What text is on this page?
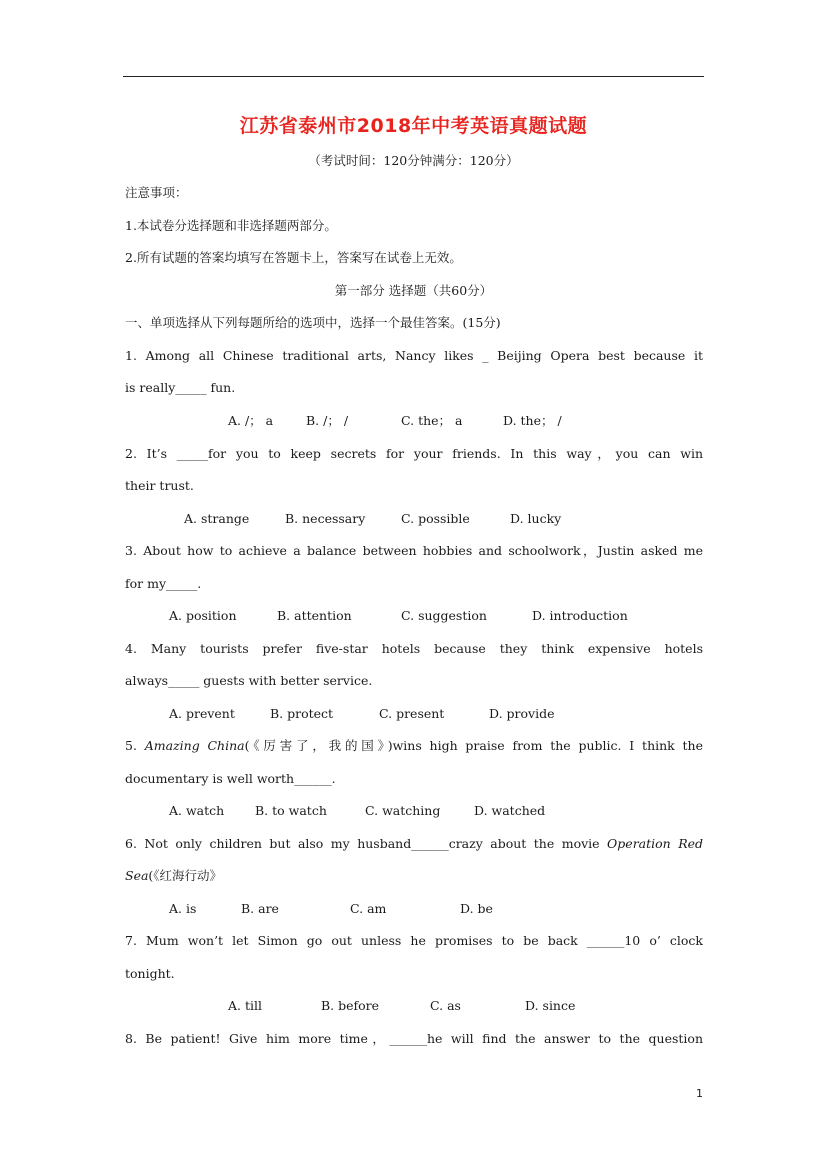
江苏省泰州市2018年中考英语真题试题
（考试时间：120分钟满分：120分）
注意事项：
1.本试卷分选择题和非选择题两部分。
2.所有试题的答案均填写在答题卡上，答案写在试卷上无效。
第一部分 选择题（共60分）
一、单项选择从下列每题所给的选项中，选择一个最佳答案。(15分)
1. Among all Chinese traditional arts, Nancy likes _ Beijing Opera best because it
is really_____ fun.
A. /； a	B. /； /	C. the； a	D. the； /
2. It’s _____for you to keep secrets for your friends. In this way，you can win
their trust.
A. strange	B. necessary	C. possible	D. lucky
3. About how to achieve a balance between hobbies and schoolwork，Justin asked me
for my_____.
A. position	B. attention	C. suggestion	D. introduction
4. Many tourists prefer five-star hotels because they think expensive hotels
always_____ guests with better service.
A. prevent	B. protect	C. present	D. provide
5. Amazing China(《厉害了，我的国》)wins high praise from the public. I think the
documentary is well worth______.
A. watch B. to watch	C. watching	D. watched
6. Not only children but also my husband______crazy about the movie Operation Red
Sea(《红海行动》
A. is	B. are	C. am	D. be
7. Mum won’t let Simon go out unless he promises to be back ______10 o’ clock
tonight.
A. till	B. before	C. as	D. since
8. Be patient! Give him more time，______he will find the answer to the question
1
